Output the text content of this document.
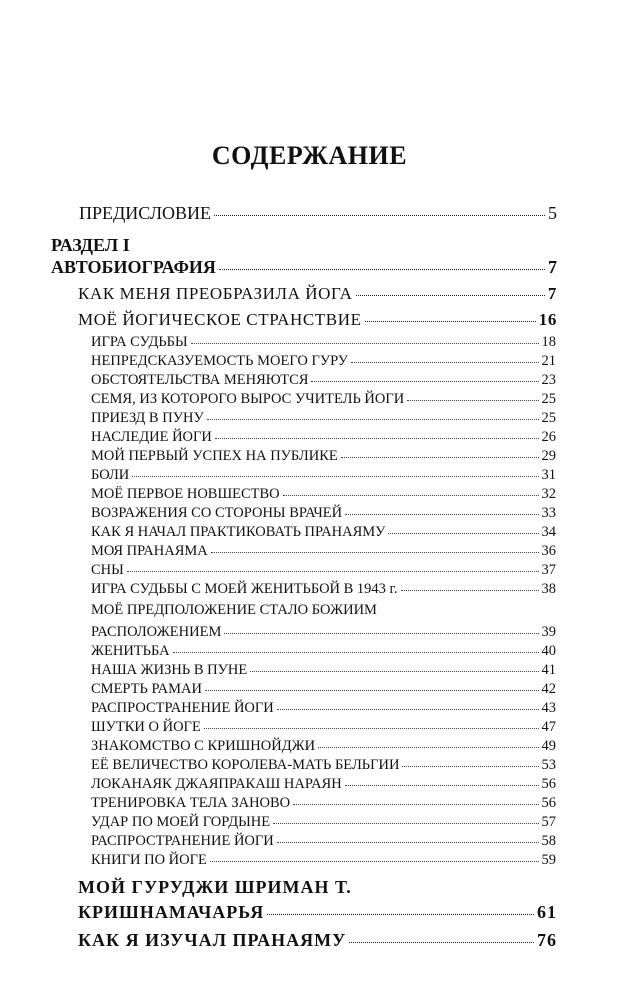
СОДЕРЖАНИЕ
ПРЕДИСЛОВИЕ	5
РАЗДЕЛ I
АВТОБИОГРАФИЯ	7
КАК МЕНЯ ПРЕОБРАЗИЛА ЙОГА	7
МОЁ ЙОГИЧЕСКОЕ СТРАНСТВИЕ	16
ИГРА СУДЬБЫ	18
НЕПРЕДСКАЗУЕМОСТЬ МОЕГО ГУРУ	21
ОБСТОЯТЕЛЬСТВА МЕНЯЮТСЯ	23
СЕМЯ, ИЗ КОТОРОГО ВЫРОС УЧИТЕЛЬ ЙОГИ	25
ПРИЕЗД В ПУНУ	25
НАСЛЕДИЕ ЙОГИ	26
МОЙ ПЕРВЫЙ УСПЕХ НА ПУБЛИКЕ	29
БОЛИ	31
МОЁ ПЕРВОЕ НОВШЕСТВО	32
ВОЗРАЖЕНИЯ СО СТОРОНЫ ВРАЧЕЙ	33
КАК Я НАЧАЛ ПРАКТИКОВАТЬ ПРАНАЯМУ	34
МОЯ ПРАНАЯМА	36
СНЫ	37
ИГРА СУДЬБЫ С МОЕЙ ЖЕНИТЬБОЙ В 1943 г.	38
МОЁ ПРЕДПОЛОЖЕНИЕ СТАЛО БОЖИИМ
РАСПОЛОЖЕНИЕМ	39
ЖЕНИТЬБА	40
НАША ЖИЗНЬ В ПУНЕ	41
СМЕРТЬ РАМАИ	42
РАСПРОСТРАНЕНИЕ ЙОГИ	43
ШУТКИ О ЙОГЕ	47
ЗНАКОМСТВО С КРИШНОЙДЖИ	49
ЕЁ ВЕЛИЧЕСТВО КОРОЛЕВА-МАТЬ БЕЛЬГИИ	53
ЛОКАНАЯК ДЖАЯПРАКАШ НАРАЯН	56
ТРЕНИРОВКА ТЕЛА ЗАНОВО	56
УДАР ПО МОЕЙ ГОРДЫНЕ	57
РАСПРОСТРАНЕНИЕ ЙОГИ	58
КНИГИ ПО ЙОГЕ	59
МОЙ ГУРУДЖИ ШРИМАН Т.
КРИШНАМАЧАРЬЯ	61
КАК Я ИЗУЧАЛ ПРАНАЯМУ	76
